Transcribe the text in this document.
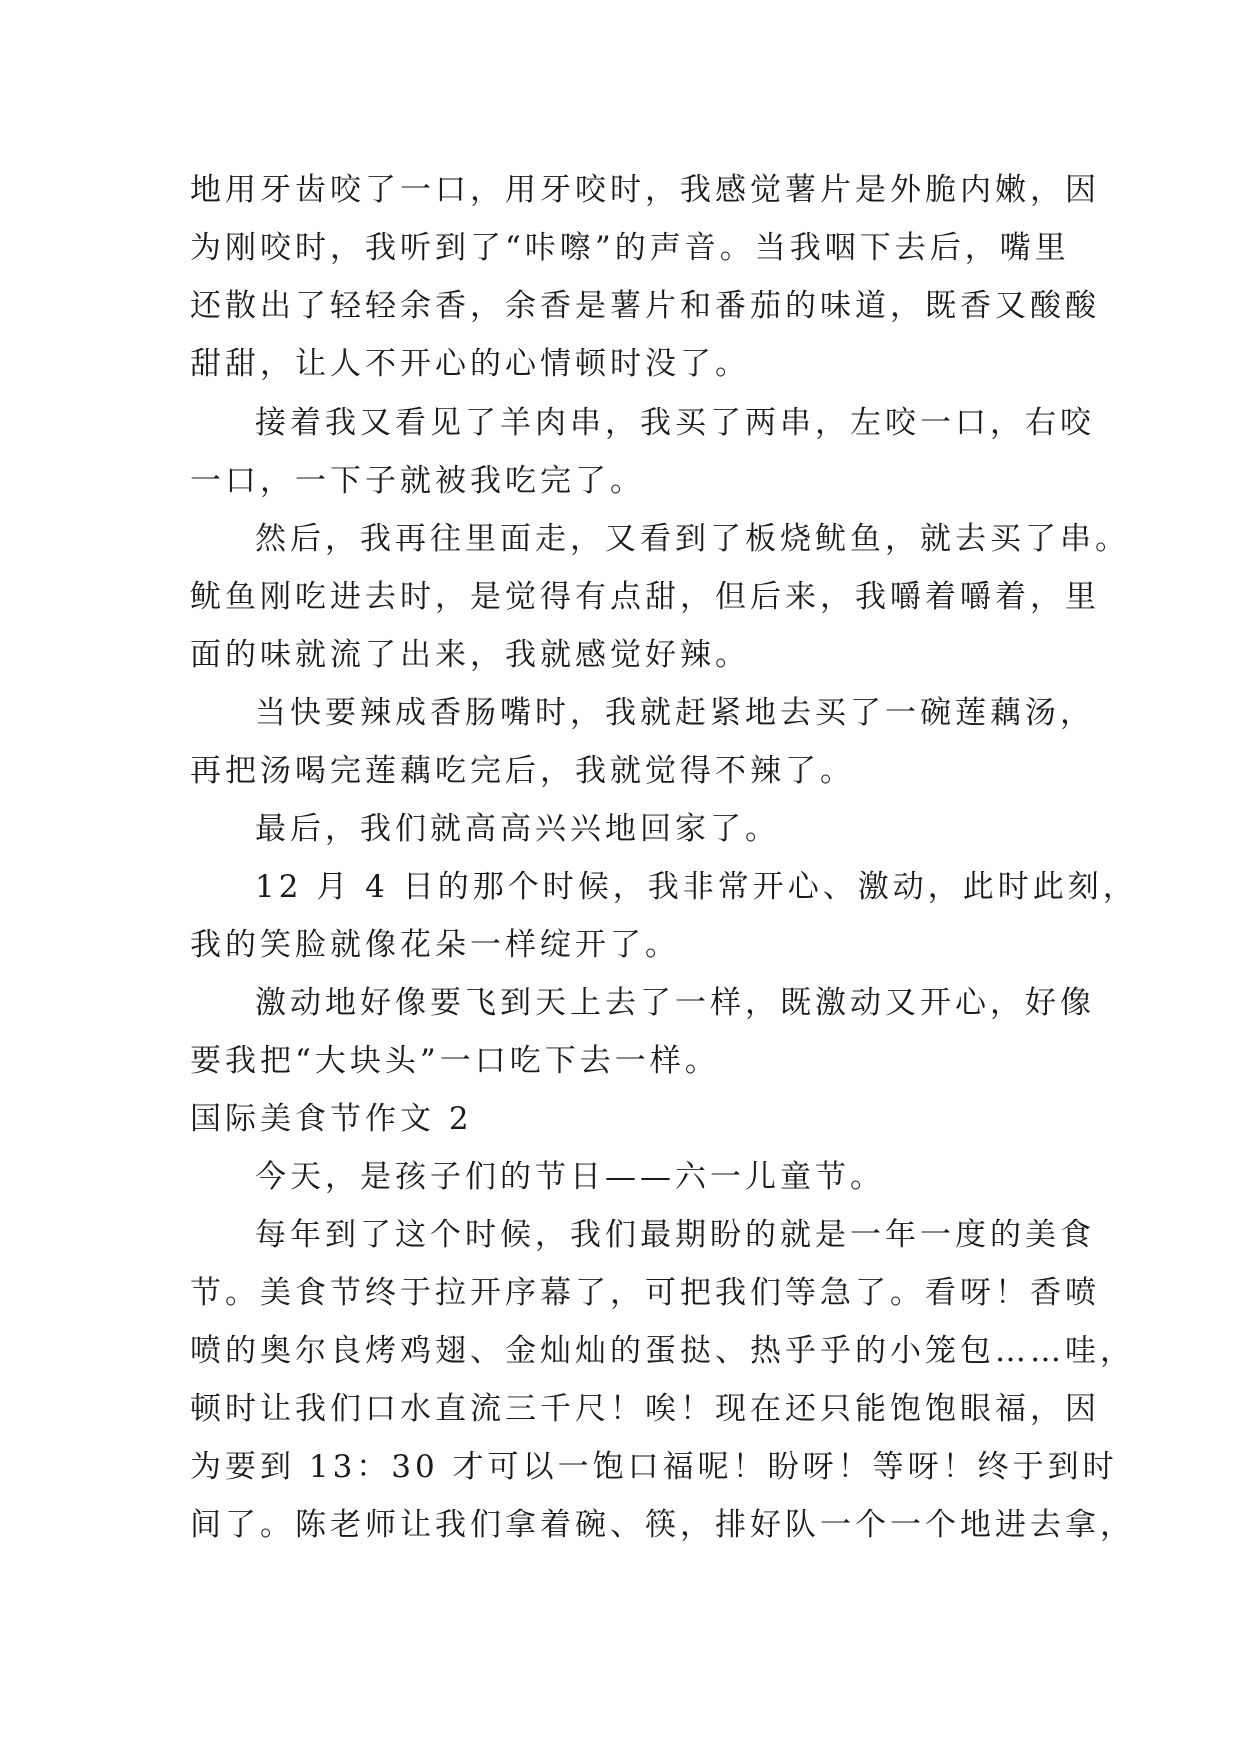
地用牙齿咬了一口，用牙咬时，我感觉薯片是外脆内嫩，因

为刚咬时，我听到了“咔嚓”的声音。当我咽下去后，嘴里

还散出了轻轻余香，余香是薯片和番茄的味道，既香又酸酸

甜甜，让人不开心的心情顿时没了。

接着我又看见了羊肉串，我买了两串，左咬一口，右咬

一口，一下子就被我吃完了。

然后，我再往里面走，又看到了板烧鱿鱼，就去买了串。

鱿鱼刚吃进去时，是觉得有点甜，但后来，我嚼着嚼着，里

面的味就流了出来，我就感觉好辣。

当快要辣成香肠嘴时，我就赶紧地去买了一碗莲藕汤，

再把汤喝完莲藕吃完后，我就觉得不辣了。

最后，我们就高高兴兴地回家了。

12 月 4 日的那个时候，我非常开心、激动，此时此刻，

我的笑脸就像花朵一样绽开了。

激动地好像要飞到天上去了一样，既激动又开心，好像

要我把“大块头”一口吃下去一样。

国际美食节作文 2

今天，是孩子们的节日——六一儿童节。

每年到了这个时候，我们最期盼的就是一年一度的美食

节。美食节终于拉开序幕了，可把我们等急了。看呀！香喷

喷的奥尔良烤鸡翅、金灿灿的蛋挞、热乎乎的小笼包……哇，

顿时让我们口水直流三千尺！唉！现在还只能饱饱眼福，因

为要到 13：30 才可以一饱口福呢！盼呀！等呀！终于到时

间了。陈老师让我们拿着碗、筷，排好队一个一个地进去拿，
